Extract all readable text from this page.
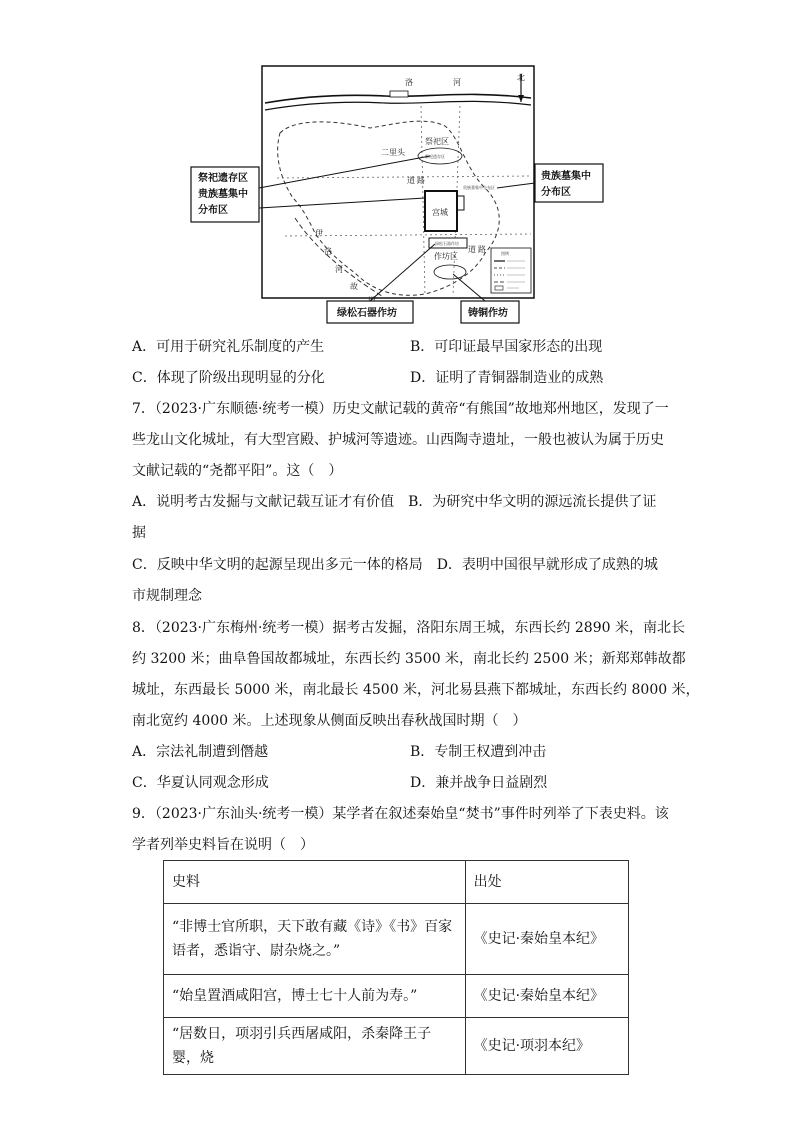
洛	河
北
二里头
祭祀区
祭祀遗存区
道 路
宫城
贵族墓集中分布区
绿松石器作坊
作坊区
道 路
伊
洛
河
故
图例
祭祀遗存区
贵族墓集中
分布区
贵族墓集中
分布区
绿松石器作坊	铸铜作坊
A．可用于研究礼乐制度的产生	B．可印证最早国家形态的出现
C．体现了阶级出现明显的分化	D．证明了青铜器制造业的成熟
7．（2023·广东顺德·统考一模）历史文献记载的黄帝“有熊国”故地郑州地区，发现了一
些龙山文化城址，有大型宫殿、护城河等遗迹。山西陶寺遗址，一般也被认为属于历史
文献记载的“尧都平阳”。这（　）
A．说明考古发掘与文献记载互证才有价值　B．为研究中华文明的源远流长提供了证
据
C．反映中华文明的起源呈现出多元一体的格局　D．表明中国很早就形成了成熟的城
市规制理念
8．（2023·广东梅州·统考一模）据考古发掘，洛阳东周王城，东西长约 2890 米，南北长
约 3200 米；曲阜鲁国故都城址，东西长约 3500 米，南北长约 2500 米；新郑郑韩故都
城址，东西最长 5000 米，南北最长 4500 米，河北易县燕下都城址，东西长约 8000 米，
南北宽约 4000 米。上述现象从侧面反映出春秋战国时期（　）
A．宗法礼制遭到僭越	B．专制王权遭到冲击
C．华夏认同观念形成	D．兼并战争日益剧烈
9．（2023·广东汕头·统考一模）某学者在叙述秦始皇“焚书”事件时列举了下表史料。该
学者列举史料旨在说明（　）
史料	出处
“非博士官所职，天下敢有藏《诗》《书》百家语者，悉诣守、尉杂烧之。”	《史记·秦始皇本纪》
“始皇置酒咸阳宫，博士七十人前为寿。”	《史记·秦始皇本纪》
“居数日，项羽引兵西屠咸阳，杀秦降王子婴，烧	《史记·项羽本纪》
